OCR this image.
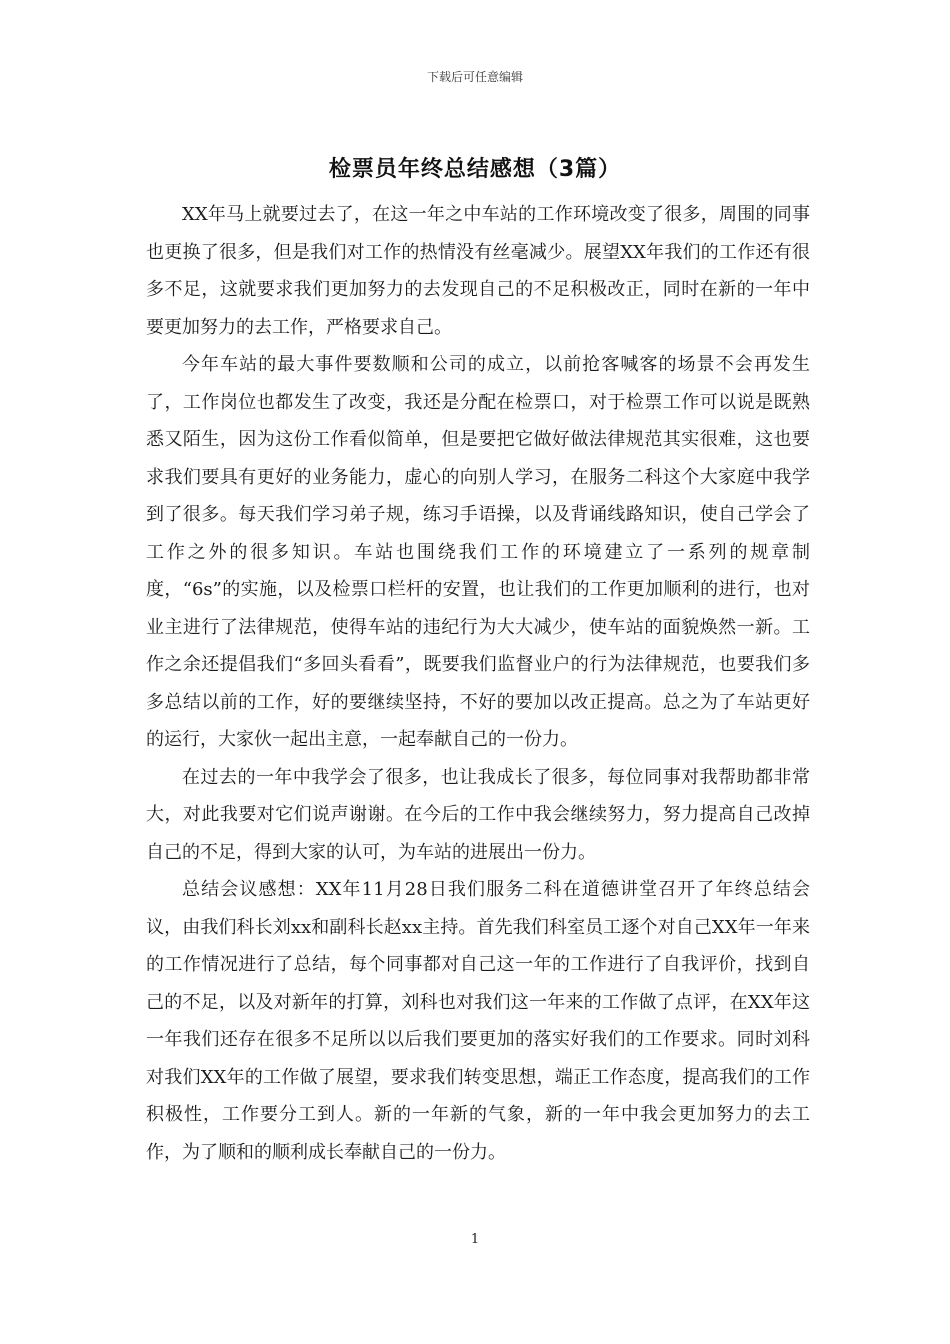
下载后可任意编辑
检票员年终总结感想（3篇）

XX年马上就要过去了，在这一年之中车站的工作环境改变了很多，周围的同事也更换了很多，但是我们对工作的热情没有丝毫减少。展望XX年我们的工作还有很多不足，这就要求我们更加努力的去发现自己的不足积极改正，同时在新的一年中要更加努力的去工作，严格要求自己。

今年车站的最大事件要数顺和公司的成立，以前抢客喊客的场景不会再发生了，工作岗位也都发生了改变，我还是分配在检票口，对于检票工作可以说是既熟悉又陌生，因为这份工作看似简单，但是要把它做好做法律规范其实很难，这也要求我们要具有更好的业务能力，虚心的向别人学习，在服务二科这个大家庭中我学到了很多。每天我们学习弟子规，练习手语操，以及背诵线路知识，使自己学会了工作之外的很多知识。车站也围绕我们工作的环境建立了一系列的规章制度，“6s”的实施，以及检票口栏杆的安置，也让我们的工作更加顺利的进行，也对业主进行了法律规范，使得车站的违纪行为大大减少，使车站的面貌焕然一新。工作之余还提倡我们“多回头看看”，既要我们监督业户的行为法律规范，也要我们多多总结以前的工作，好的要继续坚持，不好的要加以改正提高。总之为了车站更好的运行，大家伙一起出主意，一起奉献自己的一份力。

在过去的一年中我学会了很多，也让我成长了很多，每位同事对我帮助都非常大，对此我要对它们说声谢谢。在今后的工作中我会继续努力，努力提高自己改掉自己的不足，得到大家的认可，为车站的进展出一份力。

总结会议感想：XX年11月28日我们服务二科在道德讲堂召开了年终总结会议，由我们科长刘xx和副科长赵xx主持。首先我们科室员工逐个对自己XX年一年来的工作情况进行了总结，每个同事都对自己这一年的工作进行了自我评价，找到自己的不足，以及对新年的打算，刘科也对我们这一年来的工作做了点评，在XX年这一年我们还存在很多不足所以以后我们要更加的落实好我们的工作要求。同时刘科对我们XX年的工作做了展望，要求我们转变思想，端正工作态度，提高我们的工作积极性，工作要分工到人。新的一年新的气象，新的一年中我会更加努力的去工作，为了顺和的顺利成长奉献自己的一份力。

1
